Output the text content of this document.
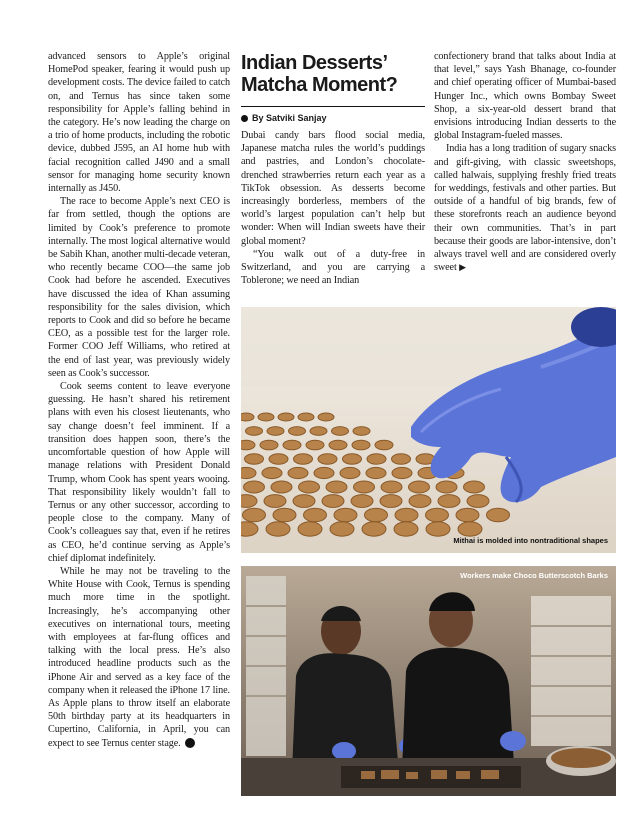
advanced sensors to Apple’s original HomePod speaker, fearing it would push up development costs. The device failed to catch on, and Ternus has since taken some responsibility for Apple’s falling behind in the category. He’s now leading the charge on a trio of home products, including the robotic device, dubbed J595, an AI home hub with facial recognition called J490 and a small sensor for managing home security known internally as J450.

The race to become Apple’s next CEO is far from settled, though the options are limited by Cook’s preference to promote internally. The most logical alternative would be Sabih Khan, another multi-decade veteran, who recently became COO—the same job Cook had before he ascended. Executives have discussed the idea of Khan assuming responsibility for the sales division, which reports to Cook and did so before he became CEO, as a possible test for the larger role. Former COO Jeff Williams, who retired at the end of last year, was previously widely seen as Cook’s successor.

Cook seems content to leave everyone guessing. He hasn’t shared his retirement plans with even his closest lieutenants, who say change doesn’t feel imminent. If a transition does happen soon, there’s the uncomfortable question of how Apple will manage relations with President Donald Trump, whom Cook has spent years wooing. That responsibility likely wouldn’t fall to Ternus or any other successor, according to people close to the company. Many of Cook’s colleagues say that, even if he retires as CEO, he’d continue serving as Apple’s chief diplomat indefinitely.

While he may not be traveling to the White House with Cook, Ternus is spending much more time in the spotlight. Increasingly, he’s accompanying other executives on international tours, meeting with employees at far-flung offices and talking with the local press. He’s also introduced headline products such as the iPhone Air and served as a key face of the company when it released the iPhone 17 line. As Apple plans to throw itself an elaborate 50th birthday party at its headquarters in Cupertino, California, in April, you can expect to see Ternus center stage. B

Indian Desserts’ Matcha Moment?
By Satviki Sanjay

Dubai candy bars flood social media, Japanese matcha rules the world’s puddings and pastries, and London’s chocolate-drenched strawberries return each year as a TikTok obsession. As desserts become increasingly borderless, members of the world’s largest population can’t help but wonder: When will Indian sweets have their global moment?

“You walk out of a duty-free in Switzerland, and you are carrying a Toblerone; we need an Indian

confectionery brand that talks about India at that level,” says Yash Bhanage, co-founder and chief operating officer of Mumbai-based Hunger Inc., which owns Bombay Sweet Shop, a six-year-old dessert brand that envisions introducing Indian desserts to the global Instagram-fueled masses.

India has a long tradition of sugary snacks and gift-giving, with classic sweetshops, called halwais, supplying freshly fried treats for weddings, festivals and other parties. But outside of a handful of big brands, few of these storefronts reach an audience beyond their own communities. That’s in part because their goods are labor-intensive, don’t always travel well and are considered overly sweet ▶

Mithai is molded into nontraditional shapes
Workers make Choco Butterscotch Barks
